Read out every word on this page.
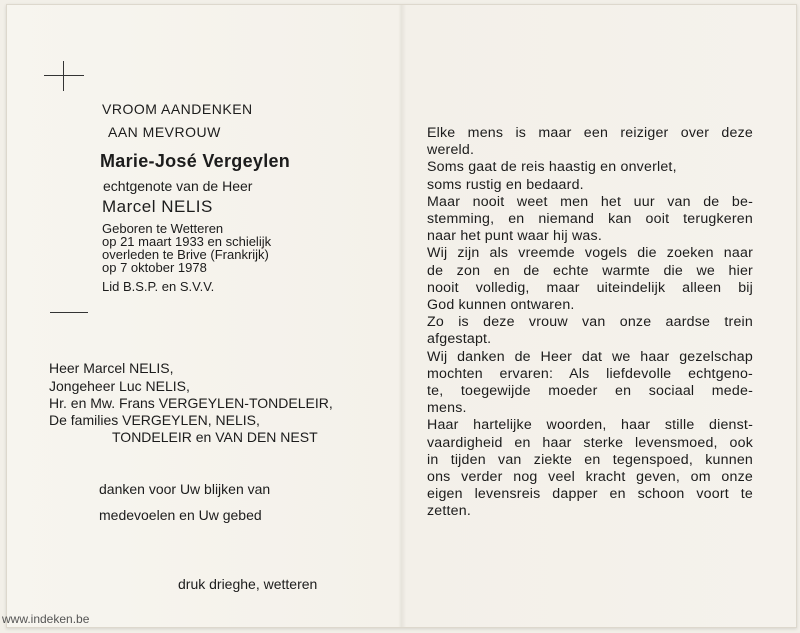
VROOM AANDENKEN
AAN MEVROUW
Marie-José Vergeylen
echtgenote van de Heer
Marcel NELIS
Geboren te Wetteren
op 21 maart 1933 en schielijk
overleden te Brive (Frankrijk)
op 7 oktober 1978
Lid B.S.P. en S.V.V.
Heer Marcel NELIS,
Jongeheer Luc NELIS,
Hr. en Mw. Frans VERGEYLEN-TONDELEIR,
De families VERGEYLEN, NELIS,
TONDELEIR en VAN DEN NEST
danken voor Uw blijken van
medevoelen en Uw gebed
druk drieghe, wetteren
Elke mens is maar een reiziger over deze
wereld.
Soms gaat de reis haastig en onverlet,
soms rustig en bedaard.
Maar nooit weet men het uur van de be-
stemming, en niemand kan ooit terugkeren
naar het punt waar hij was.
Wij zijn als vreemde vogels die zoeken naar
de zon en de echte warmte die we hier
nooit volledig, maar uiteindelijk alleen bij
God kunnen ontwaren.
Zo is deze vrouw van onze aardse trein
afgestapt.
Wij danken de Heer dat we haar gezelschap
mochten ervaren: Als liefdevolle echtgeno-
te, toegewijde moeder en sociaal mede-
mens.
Haar hartelijke woorden, haar stille dienst-
vaardigheid en haar sterke levensmoed, ook
in tijden van ziekte en tegenspoed, kunnen
ons verder nog veel kracht geven, om onze
eigen levensreis dapper en schoon voort te
zetten.
www.indeken.be
